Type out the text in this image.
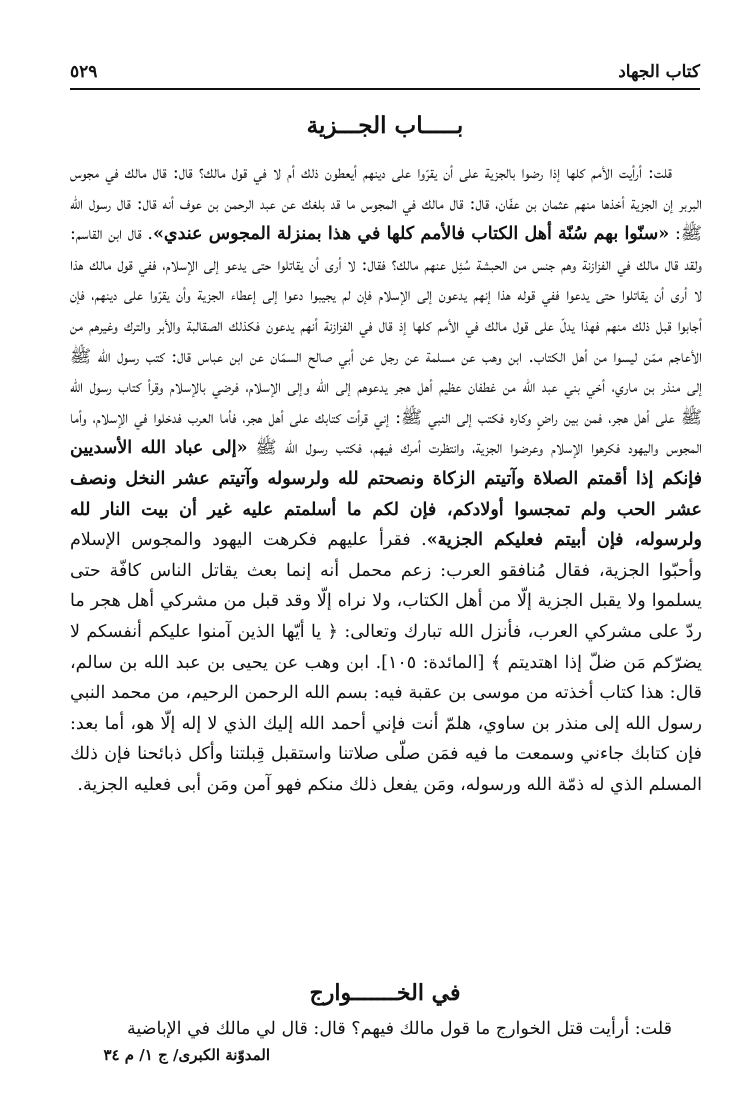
كتاب الجهاد
٥٢٩
بـــــاب الجـــزية

قلت: أرأيت الأمم كلها إذا رضوا بالجزية على أن يقرّوا على دينهم أيعطون ذلك أم لا في قول مالك؟ قال: قال مالك في مجوس البربر إن الجزية أخذها منهم عثمان بن عفّان، قال: قال مالك في المجوس ما قد بلغك عن عبد الرحمن بن عوف أنه قال: قال رسول الله ﷺ: «سنّوا بهم سُنّة أهل الكتاب فالأمم كلها في هذا بمنزلة المجوس عندي». قال ابن القاسم: ولقد قال مالك في الفزازنة وهم جنس من الحبشة سُئِل عنهم مالك؟ فقال: لا أرى أن يقاتلوا حتى يدعو إلى الإسلام، ففي قول مالك هذا لا أرى أن يقاتلوا حتى يدعوا ففي قوله هذا إنهم يدعون إلى الإسلام فإن لم يجيبوا دعوا إلى إعطاء الجزية وأن يقرّوا على دينهم، فإن أجابوا قبل ذلك منهم فهذا يدلّ على قول مالك في الأمم كلها إذ قال في الفزازنة أنهم يدعون فكذلك الصقالبة والأبر والترك وغيرهم من الأعاجم ممّن ليسوا من أهل الكتاب. ابن وهب عن مسلمة عن رجل عن أبي صالح السمّان عن ابن عباس قال: كتب رسول الله ﷺ إلى منذر بن ماري، أخي بني عبد الله من غطفان عظيم أهل هجر يدعوهم إلى الله وإلى الإسلام، فرضي بالإسلام وقرأ كتاب رسول الله ﷺ على أهل هجر، فمن بين راضٍ وكاره فكتب إلى النبي ﷺ: إني قرأت كتابك على أهل هجر، فأما العرب فدخلوا في الإسلام، وأما المجوس واليهود فكرهوا الإسلام وعرضوا الجزية، وانتظرت أمرك فيهم، فكتب رسول الله ﷺ «إلى عباد الله الأسديين فإنكم إذا أقمتم الصلاة وآتيتم الزكاة ونصحتم لله ولرسوله وآتيتم عشر النخل ونصف عشر الحب ولم تمجسوا أولادكم، فإن لكم ما أسلمتم عليه غير أن بيت النار لله ولرسوله، فإن أبيتم فعليكم الجزية». فقرأ عليهم فكرهت اليهود والمجوس الإسلام وأحبّوا الجزية، فقال مُنافقو العرب: زعم محمل أنه إنما بعث يقاتل الناس كافّة حتى يسلموا ولا يقبل الجزية إلّا من أهل الكتاب، ولا نراه إلّا وقد قبل من مشركي أهل هجر ما ردّ على مشركي العرب، فأنزل الله تبارك وتعالى: ﴿ يا أيّها الذين آمنوا عليكم أنفسكم لا يضرّكم مَن ضلّ إذا اهتديتم ﴾ [المائدة: ١٠٥]. ابن وهب عن يحيى بن عبد الله بن سالم، قال: هذا كتاب أخذته من موسى بن عقبة فيه: بسم الله الرحمن الرحيم، من محمد النبي رسول الله إلى منذر بن ساوي، هلمّ أنت فإني أحمد الله إليك الذي لا إله إلّا هو، أما بعد: فإن كتابك جاءني وسمعت ما فيه فمَن صلّى صلاتنا واستقبل قِبلتنا وأكل ذبائحنا فإن ذلك المسلم الذي له ذمّة الله ورسوله، ومَن يفعل ذلك منكم فهو آمن ومَن أبى فعليه الجزية.

في الخـــــــوارج

قلت: أرأيت قتل الخوارج ما قول مالك فيهم؟ قال: قال لي مالك في الإباضية

المدوّنة الكبرى/ ج ١/ م ٣٤
